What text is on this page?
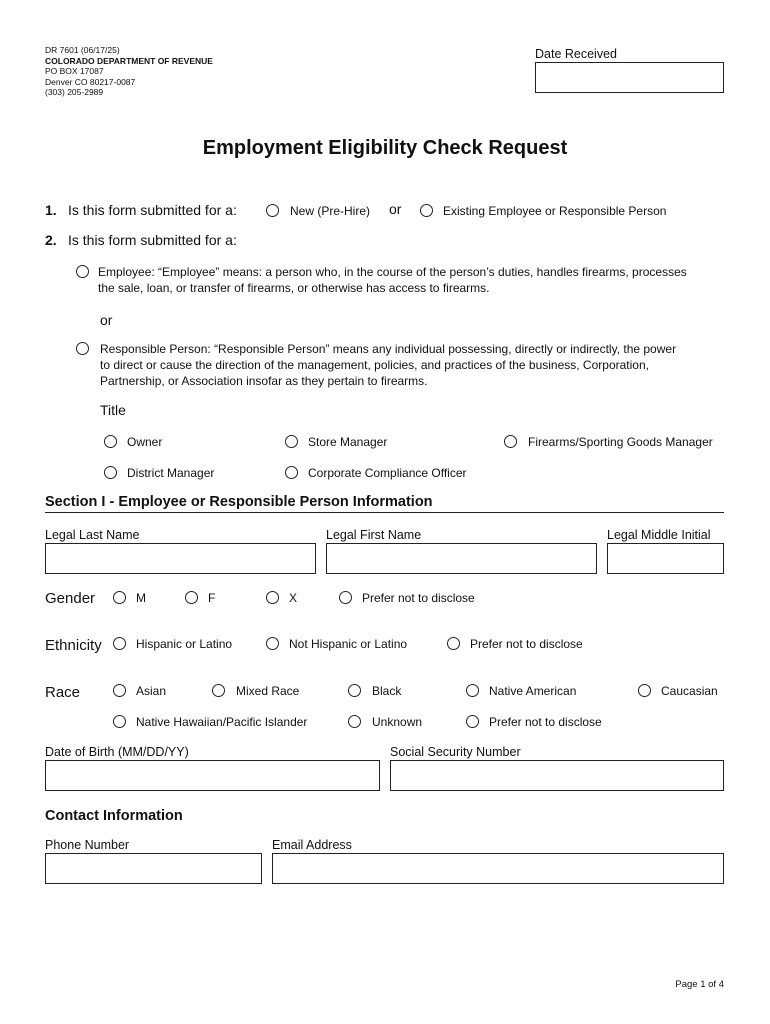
DR 7601 (06/17/25)
COLORADO DEPARTMENT OF REVENUE
PO BOX 17087
Denver CO 80217-0087
(303) 205-2989
Date Received
Employment Eligibility Check Request
1. Is this form submitted for a:	New (Pre-Hire) or	Existing Employee or Responsible Person
2. Is this form submitted for a:
Employee: “Employee” means: a person who, in the course of the person’s duties, handles firearms, processes
the sale, loan, or transfer of firearms, or otherwise has access to firearms.
or
Responsible Person: “Responsible Person” means any individual possessing, directly or indirectly, the power
to direct or cause the direction of the management, policies, and practices of the business, Corporation,
Partnership, or Association insofar as they pertain to firearms.
Title
Owner	Store Manager	Firearms/Sporting Goods Manager
District Manager	Corporate Compliance Officer
Section I - Employee or Responsible Person Information
Legal Last Name	Legal First Name	Legal Middle Initial
Gender	M	F	X	Prefer not to disclose
Ethnicity	Hispanic or Latino	Not Hispanic or Latino	Prefer not to disclose
Race	Asian	Mixed Race	Black	Native American	Caucasian
Native Hawaiian/Pacific Islander	Unknown	Prefer not to disclose
Date of Birth (MM/DD/YY)	Social Security Number
Contact Information
Phone Number	Email Address
Page 1 of 4
